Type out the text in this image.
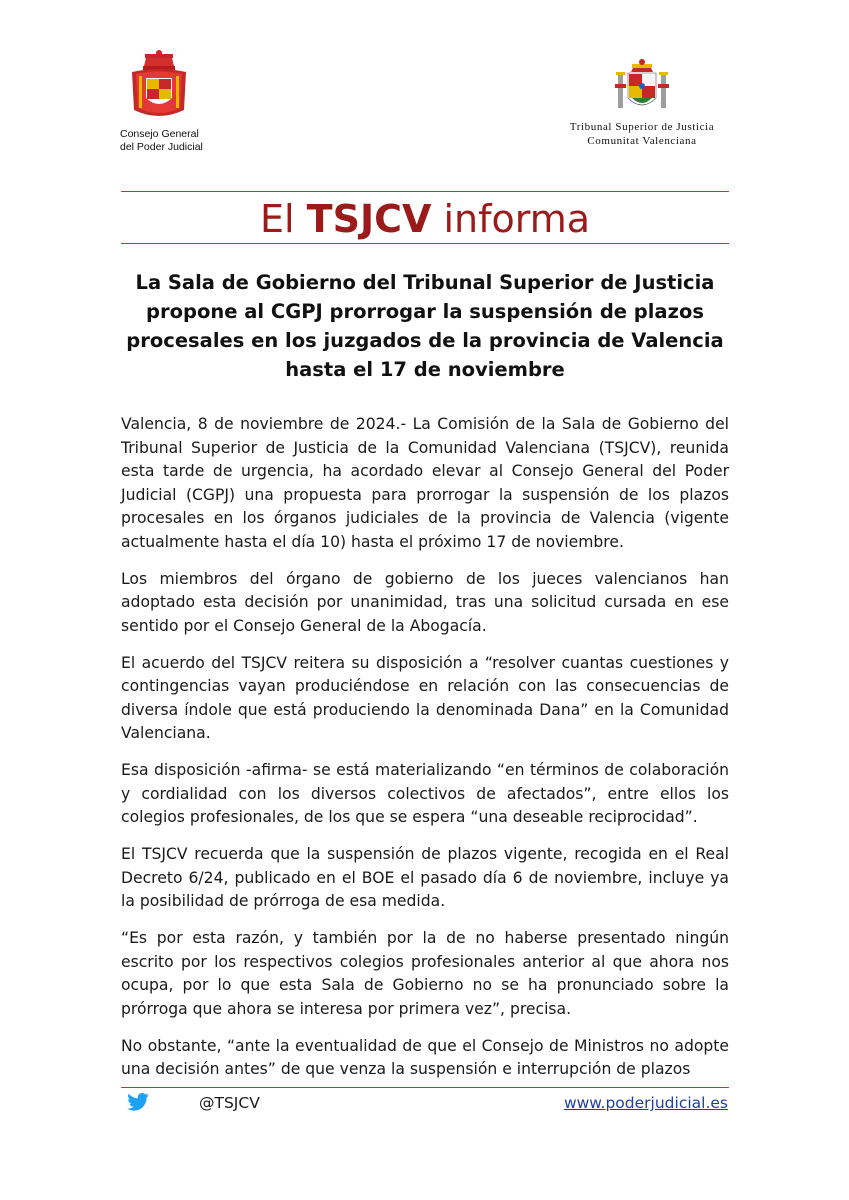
Consejo General
del Poder Judicial
Tribunal Superior de Justicia
Comunitat Valenciana
El TSJCV informa
La Sala de Gobierno del Tribunal Superior de Justicia propone al CGPJ prorrogar la suspensión de plazos procesales en los juzgados de la provincia de Valencia hasta el 17 de noviembre

Valencia, 8 de noviembre de 2024.- La Comisión de la Sala de Gobierno del Tribunal Superior de Justicia de la Comunidad Valenciana (TSJCV), reunida esta tarde de urgencia, ha acordado elevar al Consejo General del Poder Judicial (CGPJ) una propuesta para prorrogar la suspensión de los plazos procesales en los órganos judiciales de la provincia de Valencia (vigente actualmente hasta el día 10) hasta el próximo 17 de noviembre.

Los miembros del órgano de gobierno de los jueces valencianos han adoptado esta decisión por unanimidad, tras una solicitud cursada en ese sentido por el Consejo General de la Abogacía.

El acuerdo del TSJCV reitera su disposición a “resolver cuantas cuestiones y contingencias vayan produciéndose en relación con las consecuencias de diversa índole que está produciendo la denominada Dana” en la Comunidad Valenciana.

Esa disposición -afirma- se está materializando “en términos de colaboración y cordialidad con los diversos colectivos de afectados”, entre ellos los colegios profesionales, de los que se espera “una deseable reciprocidad”.

El TSJCV recuerda que la suspensión de plazos vigente, recogida en el Real Decreto 6/24, publicado en el BOE el pasado día 6 de noviembre, incluye ya la posibilidad de prórroga de esa medida.

“Es por esta razón, y también por la de no haberse presentado ningún escrito por los respectivos colegios profesionales anterior al que ahora nos ocupa, por lo que esta Sala de Gobierno no se ha pronunciado sobre la prórroga que ahora se interesa por primera vez”, precisa.

No obstante, “ante la eventualidad de que el Consejo de Ministros no adopte una decisión antes” de que venza la suspensión e interrupción de plazos

@TSJCV	www.poderjudicial.es
